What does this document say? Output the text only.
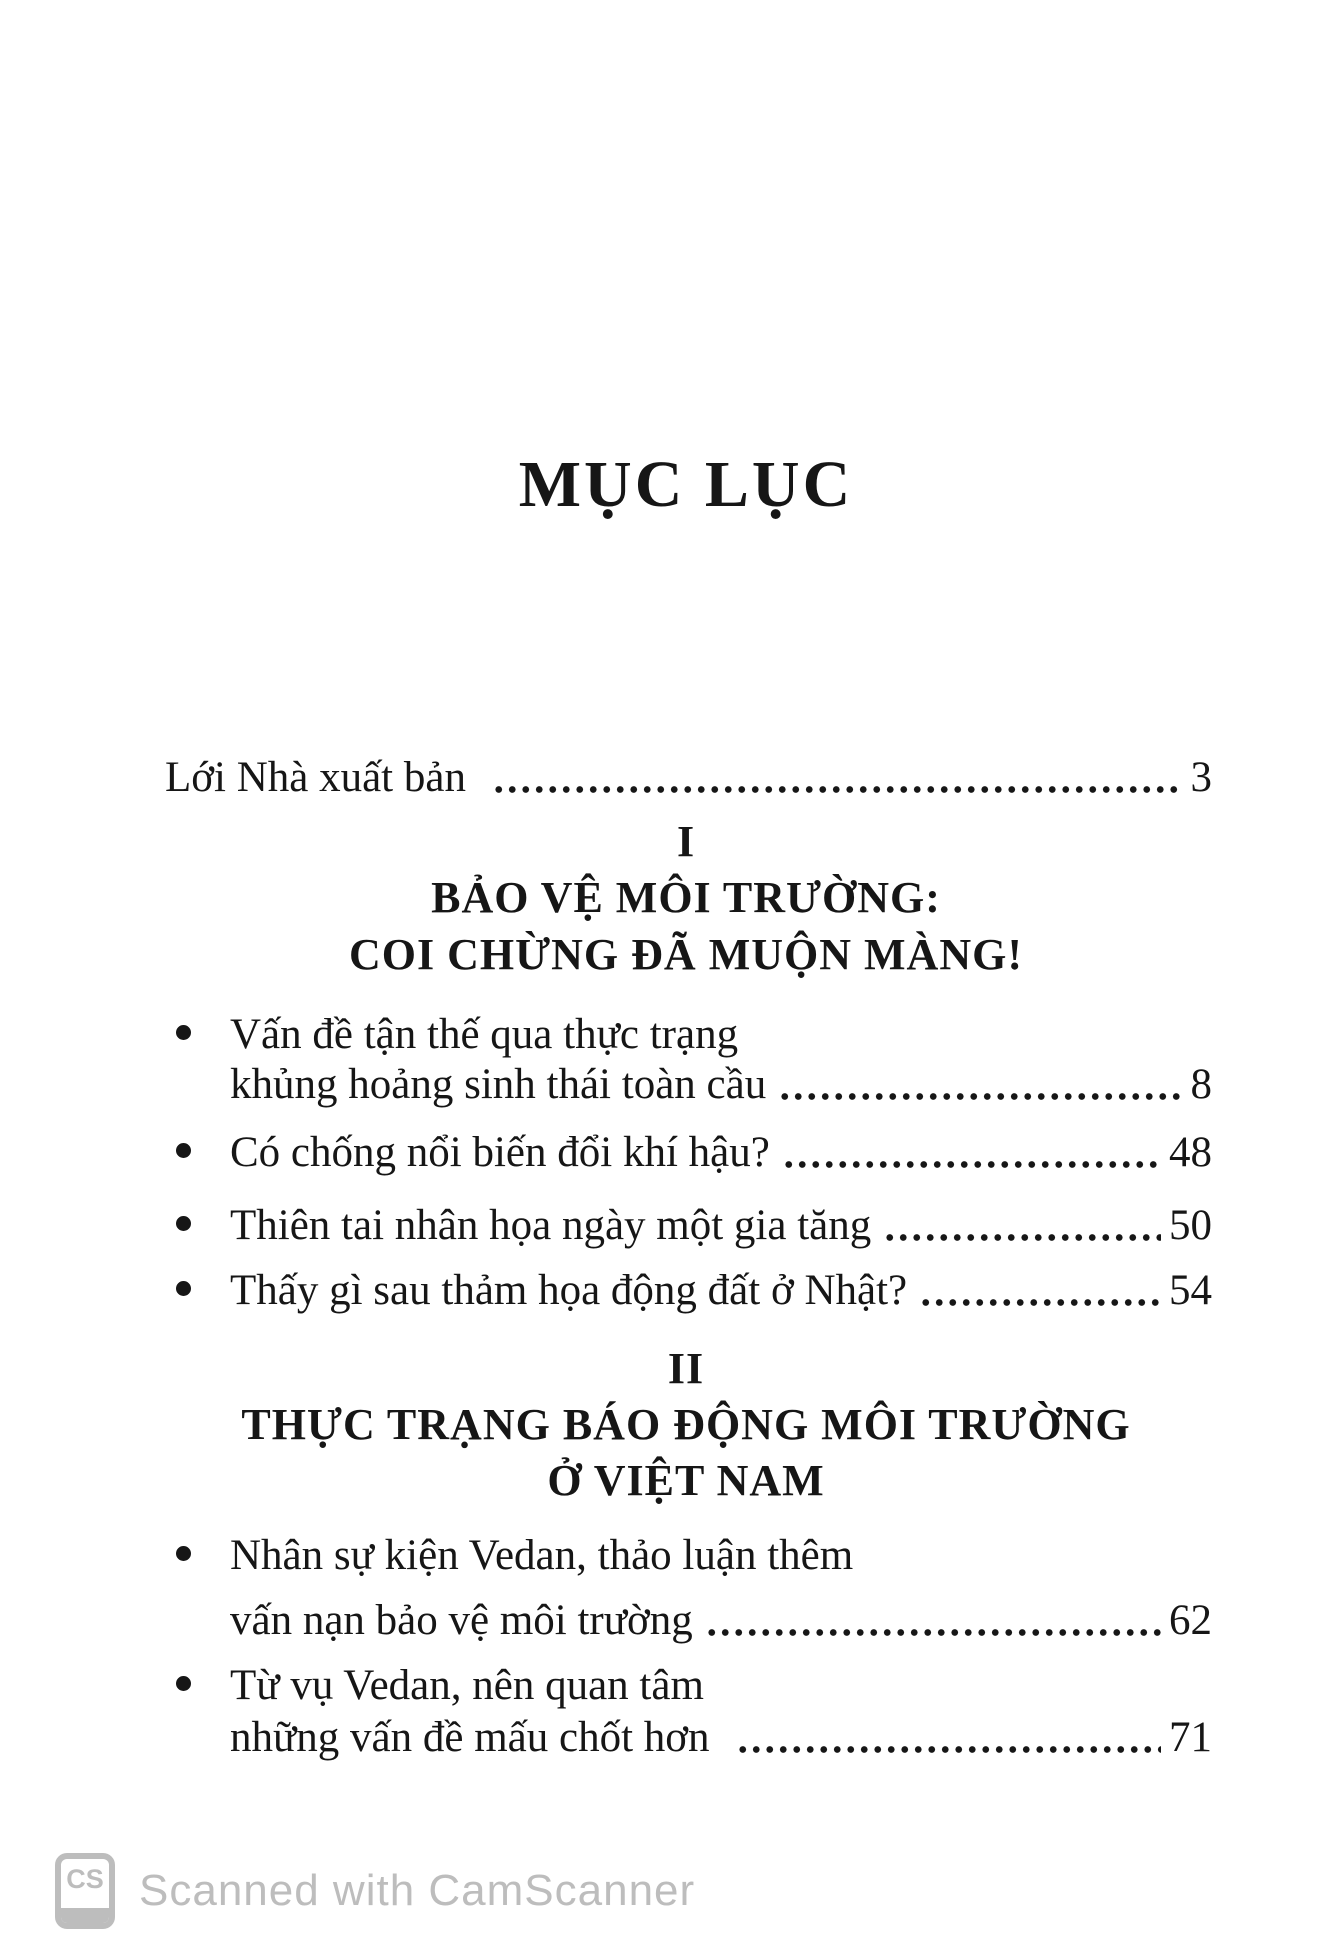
MỤC LỤC
Lới Nhà xuất bản	3
I
BẢO VỆ MÔI TRƯỜNG:
COI CHỪNG ĐÃ MUỘN MÀNG!
Vấn đề tận thế qua thực trạng
khủng hoảng sinh thái toàn cầu	8
Có chống nổi biến đổi khí hậu?	48
Thiên tai nhân họa ngày một gia tăng	50
Thấy gì sau thảm họa động đất ở Nhật?	54
II
THỰC TRẠNG BÁO ĐỘNG MÔI TRƯỜNG
Ở VIỆT NAM
Nhân sự kiện Vedan, thảo luận thêm
vấn nạn bảo vệ môi trường	62
Từ vụ Vedan, nên quan tâm
những vấn đề mấu chốt hơn	71
CS Scanned with CamScanner
